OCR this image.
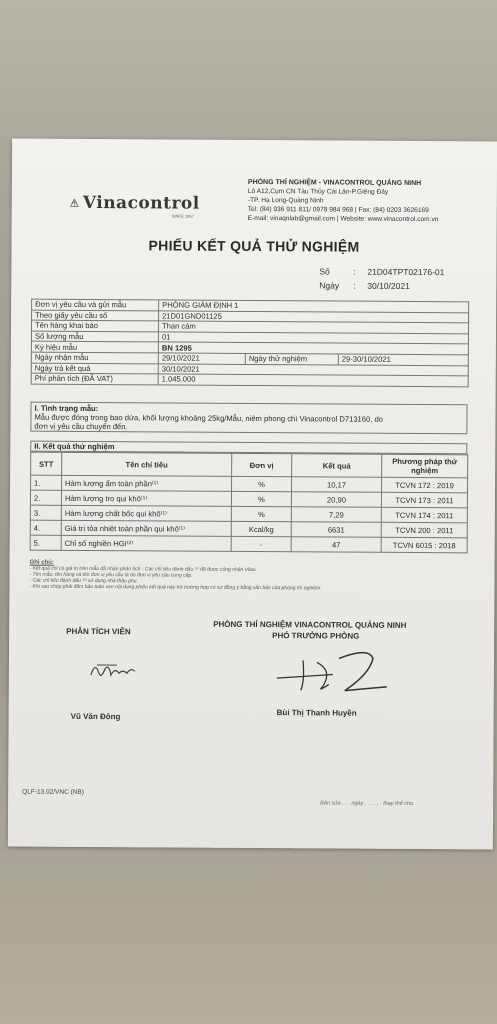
Vinacontrol
SINCE 1957
PHÒNG THÍ NGHIỆM - VINACONTROL QUẢNG NINH
Lô A12,Cụm CN Tàu Thủy Cái Lân-P.Giếng Đáy
-TP. Hạ Long-Quảng Ninh
Tel: (84) 936 911 811/ 0978 984 968 | Fax: (84) 0203 3626169
E-mail: vinaqnlab@gmail.com | Website: www.vinacontrol.com.vn
PHIẾU KẾT QUẢ THỬ NGHIỆM
Số	: 21D04TPT02176-01
Ngày : 30/10/2021
Đơn vị yêu cầu và gửi mẫu	PHÒNG GIÁM ĐỊNH 1		
Theo giấy yêu cầu số	21D01GND01125		
Tên hàng khai báo	Than cám		
Số lượng mẫu	01		
Ký hiệu mẫu	BN 1295		
Ngày nhận mẫu	29/10/2021	Ngày thử nghiệm	29-30/10/2021
Ngày trả kết quả	30/10/2021		
Phí phân tích (ĐÃ VAT)	1.045.000		
I. Tình trạng mẫu:
Mẫu được đóng trong bao dứa, khối lượng khoảng 25kg/Mẫu, niêm phong chì Vinacontrol D713160, do
đơn vị yêu cầu chuyển đến.
II. Kết quả thử nghiệm
STT	Tên chỉ tiêu	Đơn vị	Kết quả	Phương pháp thử nghiệm
1.	Hàm lượng ẩm toàn phần⁽¹⁾	%	10,17	TCVN 172 : 2019
2.	Hàm lượng tro qui khô⁽¹⁾	%	20,90	TCVN 173 : 2011
3.	Hàm lượng chất bốc qui khô⁽¹⁾	%	7,29	TCVN 174 : 2011
4.	Giá trị tỏa nhiệt toàn phần qui khô⁽¹⁾	Kcal/kg	6631	TCVN 200 : 2011
5.	Chỉ số nghiền HGI⁽²⁾	-	47	TCVN 6015 : 2018
Ghi chú:
- Kết quả chỉ có giá trị trên mẫu đã nhận phân tích - Các chỉ tiêu đánh dấu ⁽¹⁾ đã được công nhận Vilas.
- Tên mẫu, tên hàng và tên đơn vị yêu cầu là do đơn vị yêu cầu cung cấp.
- Các chỉ tiêu đánh dấu ⁽²⁾ sử dụng nhà thầu phụ.
- Khi sao chép phải đảm bảo toàn vẹn nội dung phiếu kết quả này trừ trường hợp có sự đồng ý bằng văn bản của phòng thí nghiệm.
PHÂN TÍCH VIÊN
Vũ Văn Đông
PHÒNG THÍ NGHIỆM VINACONTROL QUẢNG NINH
PHÓ TRƯỞNG PHÒNG
Bùi Thị Thanh Huyền
QLF-13.02/VNC (NB)
Bản sửa . . . ngày . . . . . . thay thế cho
